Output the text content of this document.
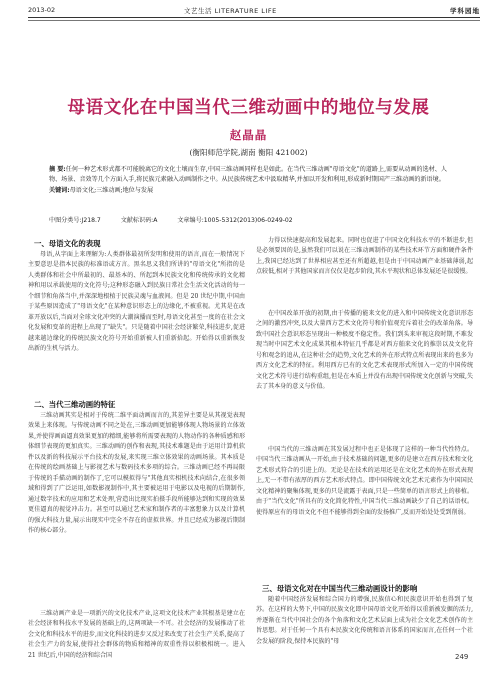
2013-02	文艺生活 LITERATURE LIFE	学科园地
母语文化在中国当代三维动画中的地位与发展
赵晶晶
(衡阳师范学院,湖南 衡阳 421002)

摘 要:任何一种艺术形式都不可能脱离它的文化土壤而生存,中国三维动画同样也是如此。在当代三维动画"母语文化"的道路上,需要从动画的选材、人物、场景、音效等几个方面入手,将民族元素融入动画制作之中。从民族传统艺术中汲取精华,并加以开发和利用,形成新时期国产三维动画的新语境。

关键词:母语文化;三维动画;地位与发展

中图分类号:J218.7	文献标识码:A	文章编号:1005-5312(2013)06-0249-02
一、母语文化的表现

母语,从字面上来理解为:人类群体最初所发明和使用的语言,而在一般情况下主要意思是指本民族的标准语或方言。黑名思义我们所讲的"母语文化"所指的是人类群体和社会中所最初的、最基本的、所起到本民族文化和传统传承的文化精神和用以承载使用的文化符号;这种形态融入到民族日常社会生活文化活动的每一个细节和角落当中,并深深地根植于民族灵魂与血液间。但是 20 世纪中期,中国由于某些原因造成了"母语文化"在某种意识形态上的边缘化,不被重视。尤其是在改革开放以后,当面对全球文化冲突的大潮演播而至时,母语文化甚至一度的在社会文化发展和变革的进程上出现了"缺失"。只是随着中国社会经济繁荣,科技进步,促进越来越边缘化的传统民族文化符号开始重新被人们重新拾起。开始得以重新焕发出新的生机与活力。

二、当代三维动画的特征

三维动画其实是相对于传统二维平面动画而言的,其差异主要是从其视觉表现效果上来体现。与传统动画不同之处在,三维动画更加能够体现人物场景的立体效果,并使得画面逼真效果更加的精细,能够将所需要表现的人物动作的各种质感和形体细节表现的更加真实。三维动画的创作和表现,其技术难题是由于运用计算机软件以及新的科技展示平台技术的发展,来实现三维立体效果的动画场景。其本质是在传统的绘画基础上与影视艺术与数码技术多项的综合。三维动画已经不再局限于传统的手描动画的制作了,它可以模拟得与"其他真实相机技术向结合,在很多领域和得到了广泛运用,如数影视制作中,其主要被运用于电影以及电视的后期制作,通过数字技术的应用和艺术处理,营造出比现实拍摄手段所能够达到和实现的效果更佳逼真的视觉冲击力。甚至可以通过艺术家和制作者的丰富想象力以及计算机的强大科技力量,展示出现实中完全不存在的虚拟世界。并且已经成为影视后期制作的核心部分。

三维动画产业是一项新兴的文化技术产业,这项文化技术产业其根基是建立在社会经济和科技水平发展的基础上的,这两项缺一不可。社会经济的发展推动了社会文化和科技水平的进步,而文化科技的进步又反过来改变了社会生产关系,提高了社会生产力的发展,使得社会群体的物质和精神的双重性得以积极相统一。进入 21 世纪后,中国的经济和综合国

力得以快速提高和发展起来。同时也促进了中国文化科技水平的不断进步,但是必须要因的是,虽然我们可以说在三维动画制作的某些技术环节方面和硬件条件上,我国已经达到了世界相应甚至还有所超越,但是由于中国动画产业基础薄弱,起点较低,相对于其他国家而言仅仅是起步阶段,其水平现状和总体发展还是很缓慢。

在中国改革开放的初期,由于传播的能来文化的进入和中国传统文化意识形态之间的激烈冲突,以及大量西方艺术文化符号和价值观充斥着社会的改革角落。导致中国社会意识形态呈现出一种极度不稳定性。我们到头来审视这段时期,不难发现当时中国艺术文化成果其根本特征几乎都是对西方舶来文化的推崇以及文化符号和观念的追从,在这种社会的趋势,文化艺术的外在形式特点所表现出来的也多为西方文化艺术的特征。利用西方已有的文化艺术表现形式所加入一定的中国传统文化艺术符号进行结构重组,但是在本质上并没有出现中国传统文化创新与突破,失去了其本身的意义与价值。

中国当代的三维动画在其发展过程中也正是体现了这样的一种当代性特点。中国当代三维动画从一开始,由于技术基础的问题,更多的是建立在西方技术和文化艺术形式符合的引进上的。无论是在技术的运用还是在文化艺术的外在形式表现上,无一不带有浓厚的西方艺术形式特点。即中国传统文化艺术元素作为中国国民文化精神的聚集体现,更多的只是流露于表面,只是一些简单的语言形式上的移植。由于"当代文化"所具有的文化简化特性,中国当代三维动画缺少了自己的话语权。使得原应有的母语文化不但不能够得到全面的发扬推广,反而开始处处受到削弱。

三、母语文化对在中国当代三维动画设计的影响

随着中国经济发展和综合国力的增强,民族信心和民族意识开始也得到了复苏。在这样的大势下,中国的民族文化即中国母语文化开始得以重新被发掘的活力,并逐渐在当代中国社会的各个角落和文化艺术层面上成为社会文化艺术创作的主旨思想。对于任何一个具有本民族文化传统和语言体系的国家而言,在任何一个社会发展的阶段,保持本民族的"母

249
